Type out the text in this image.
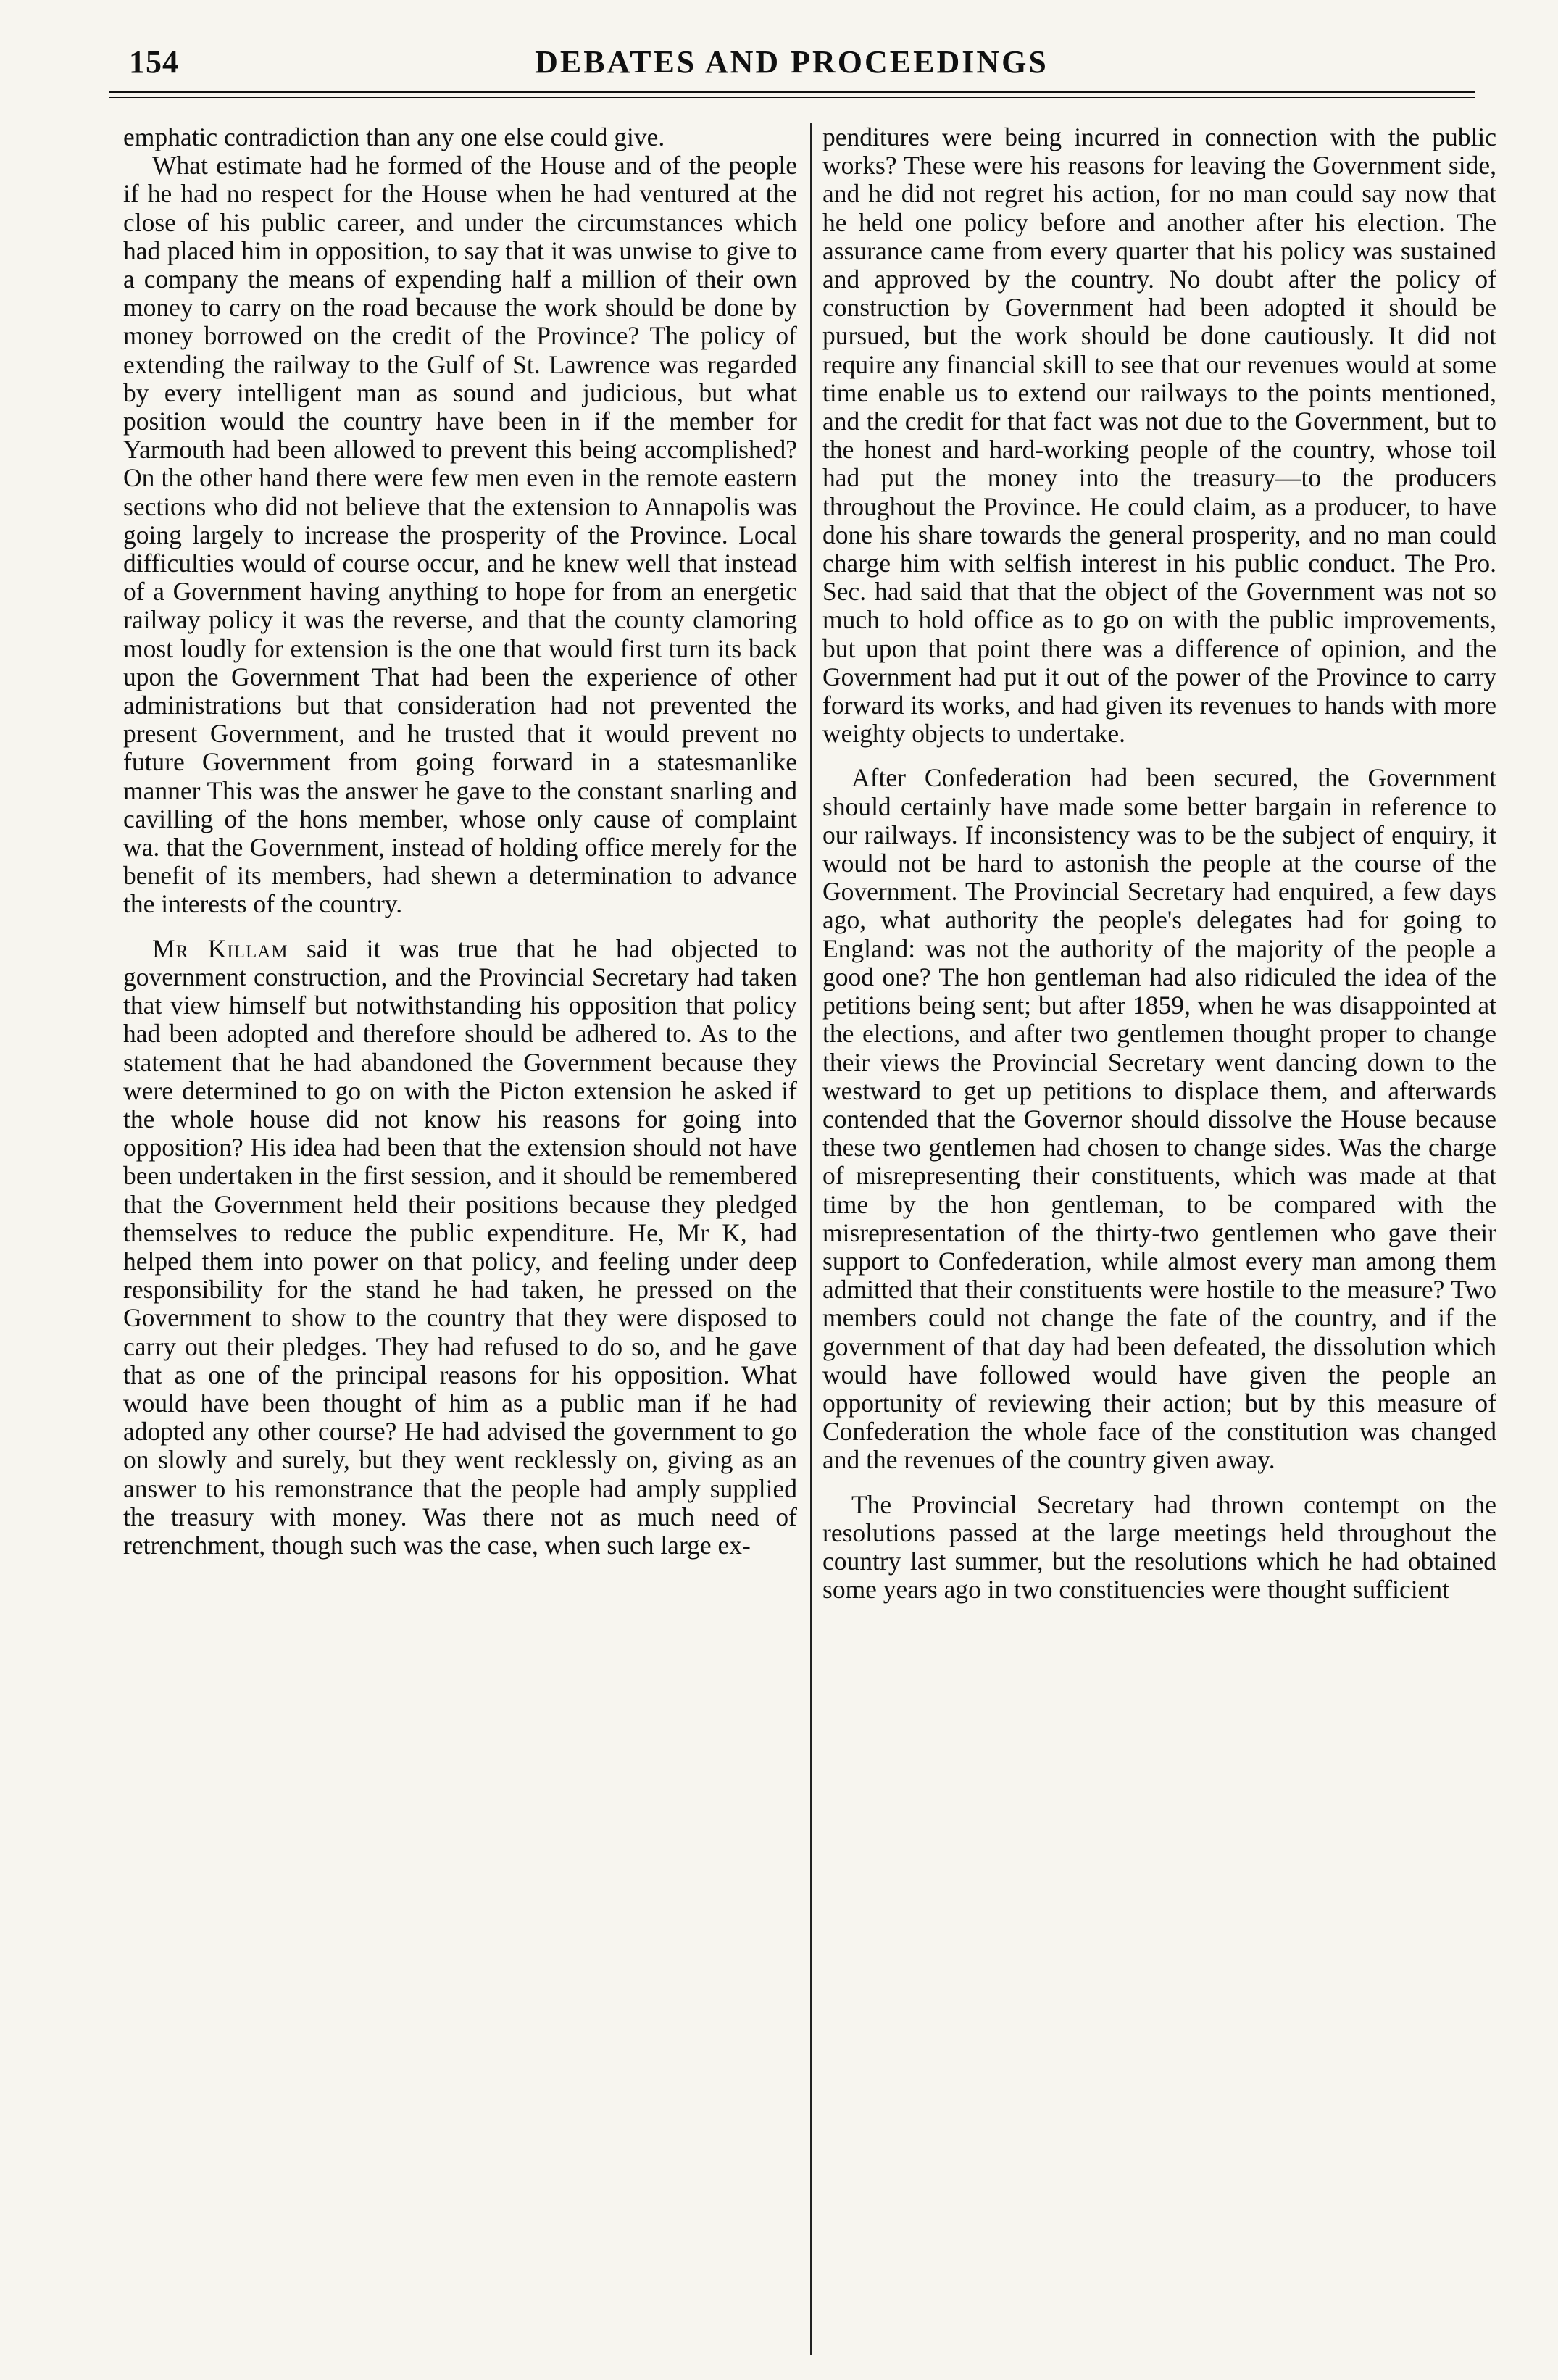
154	DEBATES AND PROCEEDINGS

emphatic contradiction than any one else could give.

What estimate had he formed of the House and of the people if he had no respect for the House when he had ventured at the close of his public career, and under the circumstances which had placed him in opposition, to say that it was unwise to give to a company the means of expending half a million of their own money to carry on the road because the work should be done by money borrowed on the credit of the Province? The policy of extending the railway to the Gulf of St. Lawrence was regarded by every intelligent man as sound and judicious, but what position would the country have been in if the member for Yarmouth had been allowed to prevent this being accomplished? On the other hand there were few men even in the remote eastern sections who did not believe that the extension to Annapolis was going largely to increase the prosperity of the Province. Local difficulties would of course occur, and he knew well that instead of a Government having anything to hope for from an energetic railway policy it was the reverse, and that the county clamoring most loudly for extension is the one that would first turn its back upon the Government That had been the experience of other administrations but that consideration had not prevented the present Government, and he trusted that it would prevent no future Government from going forward in a statesmanlike manner This was the answer he gave to the constant snarling and cavilling of the hons member, whose only cause of complaint wa. that the Government, instead of holding office merely for the benefit of its members, had shewn a determination to advance the interests of the country.

Mr Killam said it was true that he had objected to government construction, and the Provincial Secretary had taken that view himself but notwithstanding his opposition that policy had been adopted and therefore should be adhered to. As to the statement that he had abandoned the Government because they were determined to go on with the Picton extension he asked if the whole house did not know his reasons for going into opposition? His idea had been that the extension should not have been undertaken in the first session, and it should be remembered that the Government held their positions because they pledged themselves to reduce the public expenditure. He, Mr K, had helped them into power on that policy, and feeling under deep responsibility for the stand he had taken, he pressed on the Government to show to the country that they were disposed to carry out their pledges. They had refused to do so, and he gave that as one of the principal reasons for his opposition. What would have been thought of him as a public man if he had adopted any other course? He had advised the government to go on slowly and surely, but they went recklessly on, giving as an answer to his remonstrance that the people had amply supplied the treasury with money. Was there not as much need of retrenchment, though such was the case, when such large ex-

penditures were being incurred in connection with the public works? These were his reasons for leaving the Government side, and he did not regret his action, for no man could say now that he held one policy before and another after his election. The assurance came from every quarter that his policy was sustained and approved by the country. No doubt after the policy of construction by Government had been adopted it should be pursued, but the work should be done cautiously. It did not require any financial skill to see that our revenues would at some time enable us to extend our railways to the points mentioned, and the credit for that fact was not due to the Government, but to the honest and hard-working people of the country, whose toil had put the money into the treasury—to the producers throughout the Province. He could claim, as a producer, to have done his share towards the general prosperity, and no man could charge him with selfish interest in his public conduct. The Pro. Sec. had said that that the object of the Government was not so much to hold office as to go on with the public improvements, but upon that point there was a difference of opinion, and the Government had put it out of the power of the Province to carry forward its works, and had given its revenues to hands with more weighty objects to undertake.

After Confederation had been secured, the Government should certainly have made some better bargain in reference to our railways. If inconsistency was to be the subject of enquiry, it would not be hard to astonish the people at the course of the Government. The Provincial Secretary had enquired, a few days ago, what authority the people's delegates had for going to England: was not the authority of the majority of the people a good one? The hon gentleman had also ridiculed the idea of the petitions being sent; but after 1859, when he was disappointed at the elections, and after two gentlemen thought proper to change their views the Provincial Secretary went dancing down to the westward to get up petitions to displace them, and afterwards contended that the Governor should dissolve the House because these two gentlemen had chosen to change sides. Was the charge of misrepresenting their constituents, which was made at that time by the hon gentleman, to be compared with the misrepresentation of the thirty-two gentlemen who gave their support to Confederation, while almost every man among them admitted that their constituents were hostile to the measure? Two members could not change the fate of the country, and if the government of that day had been defeated, the dissolution which would have followed would have given the people an opportunity of reviewing their action; but by this measure of Confederation the whole face of the constitution was changed and the revenues of the country given away.

The Provincial Secretary had thrown contempt on the resolutions passed at the large meetings held throughout the country last summer, but the resolutions which he had obtained some years ago in two constituencies were thought sufficient
